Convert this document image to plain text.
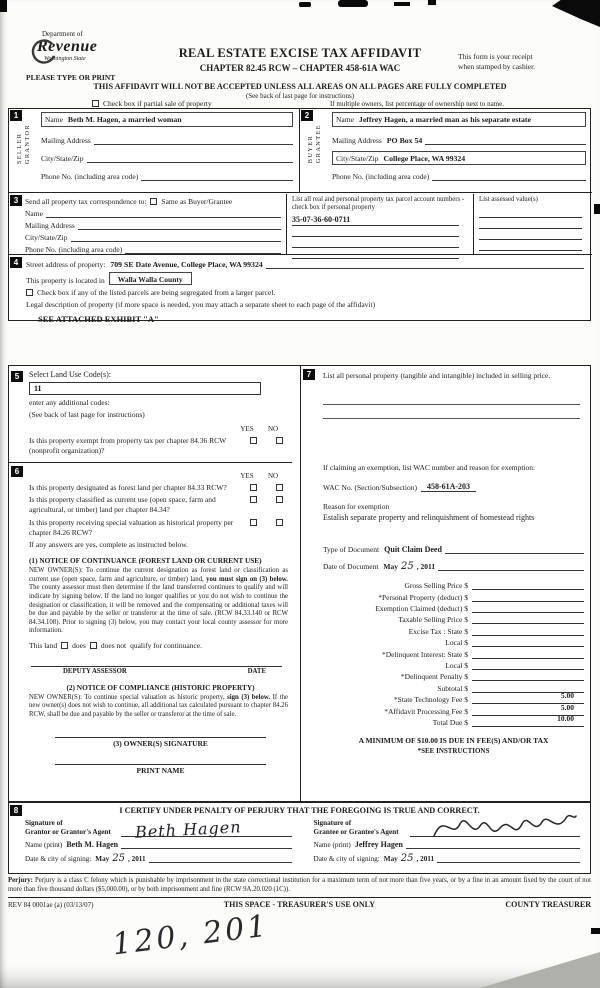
Department of
Revenue
Washington State	REAL ESTATE EXCISE TAX AFFIDAVIT
CHAPTER 82.45 RCW – CHAPTER 458-61A WAC
This form is your receipt
when stamped by cashier.
PLEASE TYPE OR PRINT
THIS AFFIDAVIT WILL NOT BE ACCEPTED UNLESS ALL AREAS ON ALL PAGES ARE FULLY COMPLETED
(See back of last page for instructions)
Check box if partial sale of property	If multiple owners, list percentage of ownership next to name.
1
SELLER GRANTOR
Name Beth M. Hagen, a married woman
Mailing Address
City/State/Zip
Phone No. (including area code)
2
BUYER GRANTEE
Name Jeffrey Hagen, a married man as his separate estate
Mailing Address PO Box 54
City/State/Zip College Place, WA 99324
Phone No. (including area code)
3 Send all property tax correspondence to: Same as Buyer/Grantee
Name
Mailing Address
City/State/Zip
Phone No. (including area code)
List all real and personal property tax parcel account numbers - check box if personal property
35-07-36-60-0711
List assessed value(s)
4	Street address of property: 709 SE Date Avenue, College Place, WA 99324
This property is located in	Walla Walla County
Check box if any of the listed parcels are being segregated from a larger parcel.
Legal description of property (if more space is needed, you may attach a separate sheet to each page of the affidavit)
SEE ATTACHED EXHIBIT "A"
5	Select Land Use Code(s):
11
enter any additional codes:
(See back of last page for instructions)
YES	NO
Is this property exempt from property tax per chapter 84.36 RCW (nonprofit organization)?
6	YES	NO
Is this property designated as forest land per chapter 84.33 RCW?
Is this property classified as current use (open space, farm and agricultural, or timber) land per chapter 84.34?
Is this property receiving special valuation as historical property per chapter 84.26 RCW?
If any answers are yes, complete as instructed below.
(1) NOTICE OF CONTINUANCE (FOREST LAND OR CURRENT USE)
NEW OWNER(S): To continue the current designation as forest land or classification as current use (open space, farm and agriculture, or timber) land, you must sign on (3) below. The county assessor must then determine if the land transferred continues to qualify and will indicate by signing below. If the land no longer qualifies or you do not wish to continue the designation or classification, it will be removed and the compensating or additional taxes will be due and payable by the seller or transferor at the time of sale. (RCW 84.33.140 or RCW 84.34.108). Prior to signing (3) below, you may contact your local county assessor for more information.
This land does does not qualify for continuance.
DEPUTY ASSESSOR	DATE
(2) NOTICE OF COMPLIANCE (HISTORIC PROPERTY)
NEW OWNER(S): To continue special valuation as historic property, sign (3) below. If the new owner(s) does not wish to continue, all additional tax calculated pursuant to chapter 84.26 RCW, shall be due and payable by the seller or transferor at the time of sale.
(3) OWNER(S) SIGNATURE
PRINT NAME
7	List all personal property (tangible and intangible) included in selling price.
If claiming an exemption, list WAC number and reason for exemption:
WAC No. (Section/Subsection)	458-61A-203
Reason for exemption
Estalish separate property and relinquishment of homestead rights
Type of Document Quit Claim Deed
Date of Document May 25 , 2011
Gross Selling Price $
*Personal Property (deduct) $
Exemption Claimed (deduct) $
Taxable Selling Price $
Excise Tax : State $
Local $
*Delinquent Interest: State $
Local $
*Delinquent Penalty $
Subtotal $
*State Technology Fee $	5.00
*Affidavit Processing Fee $	5.00
Total Due $	10.00
A MINIMUM OF $10.00 IS DUE IN FEE(S) AND/OR TAX
*SEE INSTRUCTIONS
8	I CERTIFY UNDER PENALTY OF PERJURY THAT THE FOREGOING IS TRUE AND CORRECT.
Signature of
Grantor or Grantor's Agent	Beth Hagen
Name (print) Beth M. Hagen
Date & city of signing: May 25 , 2011
Signature of
Grantee or Grantee's Agent
Name (print) Jeffrey Hagen
Date & city of signing: May 25 , 2011
Perjury: Perjury is a class C felony which is punishable by imprisonment in the state correctional institution for a maximum term of not more than five years, or by a fine in an amount fixed by the court of not more than five thousand dollars ($5,000.00), or by both imprisonment and fine (RCW 9A.20.020 (1C)).
REV 84 0001ae (a) (03/13/07)	THIS SPACE - TREASURER'S USE ONLY	COUNTY TREASURER
120, 201
